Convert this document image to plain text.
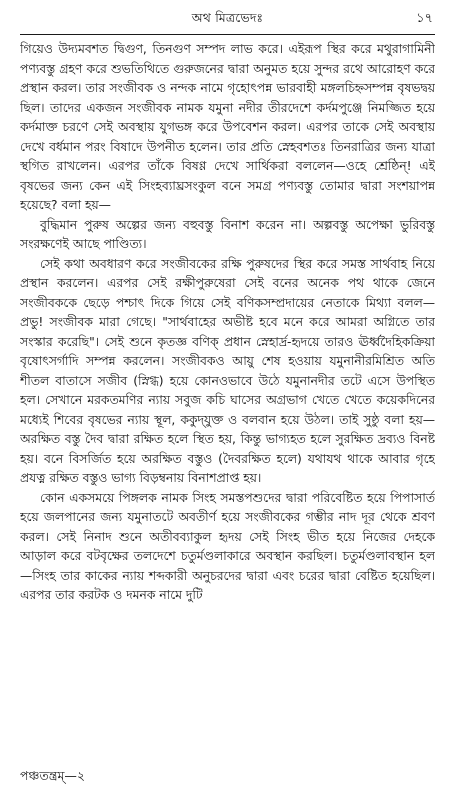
অথ মিত্রভেদঃ	১৭

গিয়েও উদ্যমবশত দ্বিগুণ, তিনগুণ সম্পদ লাভ করে। এইরূপ স্থির করে মথুরাগামিনী পণ্যবস্তু গ্রহণ করে শুভতিথিতে গুরুজনের দ্বারা অনুমত হয়ে সুন্দর রথে আরোহণ করে প্রস্থান করল। তার সংজীবক ও নন্দক নামে গৃহোৎপন্ন ভারবাহী মঙ্গলচিহ্নসম্পন্ন বৃষভদ্বয় ছিল। তাদের একজন সংজীবক নামক যমুনা নদীর তীরদেশে কর্দমপুঞ্জে নিমজ্জিত হয়ে কর্দমাক্ত চরণে সেই অবস্থায় যুগভঙ্গ করে উপবেশন করল। এরপর তাকে সেই অবস্থায় দেখে বর্ধমান পরং বিষাদে উপনীত হলেন। তার প্রতি স্নেহবশতঃ তিনরাত্রির জন্য যাত্রা স্থগিত রাখলেন। এরপর তাঁকে বিষণ্ণ দেখে সার্থিকরা বললেন—ওহে শ্রেষ্ঠিন্! এই বৃষভের জন্য কেন এই সিংহব্যাঘ্রসংকুল বনে সমগ্র পণ্যবস্তু তোমার দ্বারা সংশয়াপন্ন হয়েছে? বলা হয়—

বুদ্ধিমান পুরুষ অল্পের জন্য বহুবস্তু বিনাশ করেন না। অল্পবস্তু অপেক্ষা ভুরিবস্তু সংরক্ষণেই আছে পাণ্ডিত্য।

সেই কথা অবধারণ করে সংজীবকের রক্ষি পুরুষদের স্থির করে সমস্ত সার্থবাহ নিয়ে প্রস্থান করলেন। এরপর সেই রক্ষীপুরুষেরা সেই বনের অনেক পথ থাকে জেনে সংজীবককে ছেড়ে পশ্চাৎ দিকে গিয়ে সেই বণিকসম্প্রদায়ের নেতাকে মিথ্যা বলল—প্রভু! সংজীবক মারা গেছে। "সার্থবাহের অভীষ্ট হবে মনে করে আমরা অগ্নিতে তার সংস্কার করেছি"। সেই শুনে কৃতজ্ঞ বণিক্ প্রধান স্নেহার্দ্র-হৃদয়ে তারও ঊর্ধ্বদৈহিকক্রিয়া বৃষোৎসর্গাদি সম্পন্ন করলেন। সংজীবকও আয়ু শেষ হওয়ায় যমুনানীরমিশ্রিত অতি শীতল বাতাসে সজীব (স্নিগ্ধ) হয়ে কোনওভাবে উঠে যমুনানদীর তটে এসে উপস্থিত হল। সেখানে মরকতমণির ন্যায় সবুজ কচি ঘাসের অগ্রভাগ খেতে খেতে কয়েকদিনের মধ্যেই শিবের বৃষভের ন্যায় স্থূল, ককুদ্‌যুক্ত ও বলবান হয়ে উঠল। তাই সুষ্ঠু বলা হয়—অরক্ষিত বস্তু দৈব দ্বারা রক্ষিত হলে স্থিত হয়, কিন্তু ভাগ্যহত হলে সুরক্ষিত দ্রব্যও বিনষ্ট হয়। বনে বিসর্জিত হয়ে অরক্ষিত বস্তুও (দৈবরক্ষিত হলে) যথাযথ থাকে আবার গৃহে প্রযত্ন রক্ষিত বস্তুও ভাগ্য বিড়ম্বনায় বিনাশপ্রাপ্ত হয়।

কোন একসময়ে পিঙ্গলক নামক সিংহ সমস্তপশুদের দ্বারা পরিবেষ্টিত হয়ে পিপাসার্ত হয়ে জলপানের জন্য যমুনাতটে অবতীর্ণ হয়ে সংজীবকের গম্ভীর নাদ দূর থেকে শ্রবণ করল। সেই নিনাদ শুনে অতীবব্যাকুল হৃদয় সেই সিংহ ভীত হয়ে নিজের দেহকে আড়াল করে বটবৃক্ষের তলদেশে চতুর্মণ্ডলাকারে অবস্থান করছিল। চতুর্মণ্ডলাবস্থান হল—সিংহ তার কাকের ন্যায় শব্দকারী অনুচরদের দ্বারা এবং চরের দ্বারা বেষ্টিত হয়েছিল। এরপর তার করটক ও দমনক নামে দুটি

পঞ্চতন্ত্রম্—২
